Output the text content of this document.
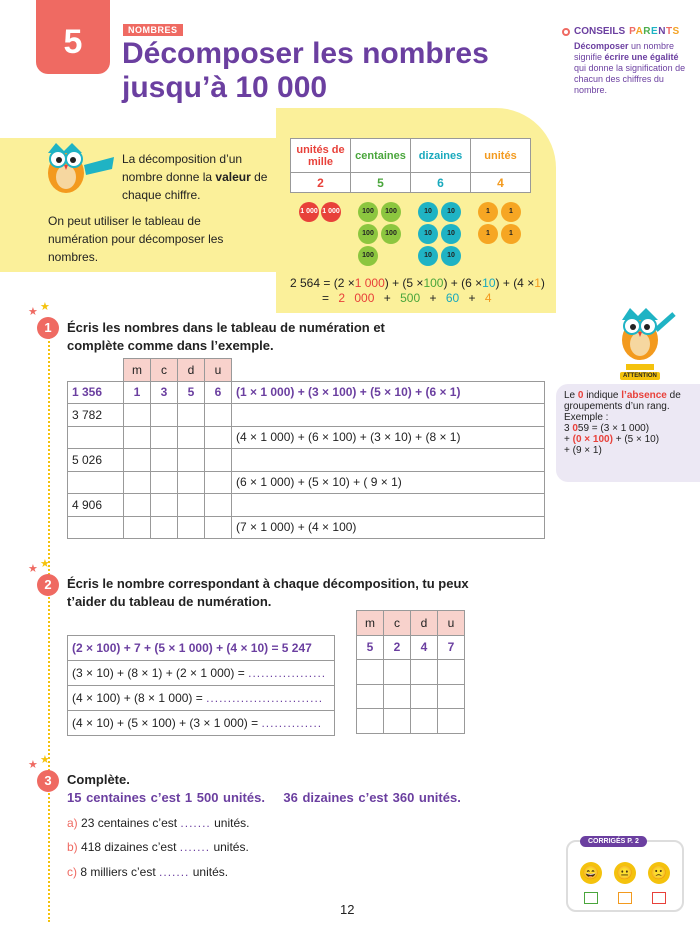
5	NOMBRES
Décomposer les nombres jusqu’à 10 000
CONSEILS PARENTS
Décomposer un nombre signifie écrire une égalité qui donne la signification de chacun des chiffres du nombre.
La décomposition d’un nombre donne la valeur de chaque chiffre.
On peut utiliser le tableau de numération pour décomposer les nombres.
unités de mille	centaines	dizaines	unités
2	5	6	4
1 000 1 000	100	100
100	100
100
10	10
10	10
10	10
1	1
1	1
2 564 = (2 ×1 000) + (5 ×100) + (6 ×10) + (4 ×1)
= 2 000 + 500 + 60 + 4
★ ★
1	Écris les nombres dans le tableau de numération et complète comme dans l’exemple.
	m	c	d	u	
1 356	1	3	5	6	(1 × 1 000) + (3 × 100) + (5 × 10) + (6 × 1)
3 782					
					(4 × 1 000) + (6 × 100) + (3 × 10) + (8 × 1)
5 026					
					(6 × 1 000) + (5 × 10) + ( 9 × 1)
4 906					
					(7 × 1 000) + (4 × 100)
ATTENTION
Le 0 indique l’absence de groupements d’un rang.
Exemple :
3 059 = (3 × 1 000)
+ (0 × 100) + (5 × 10)
+ (9 × 1)
★ ★
2	Écris le nombre correspondant à chaque décomposition, tu peux t’aider du tableau de numération.
(2 × 100) + 7 + (5 × 1 000) + (4 × 10) = 5 247
(3 × 10) + (8 × 1) + (2 × 1 000) = ..................
(4 × 100) + (8 × 1 000) = ...........................
(4 × 10) + (5 × 100) + (3 × 1 000) = ..............
m	c	d	u
5	2	4	7

★ ★
3	Complète.
15 centaines c’est 1 500 unités.    36 dizaines c’est 360 unités.
a) 23 centaines c’est ....... unités.
b) 418 dizaines c’est ....... unités.
c) 8 milliers c’est ....... unités.
CORRIGÉS P. 2
😄 😐 🙁
12
